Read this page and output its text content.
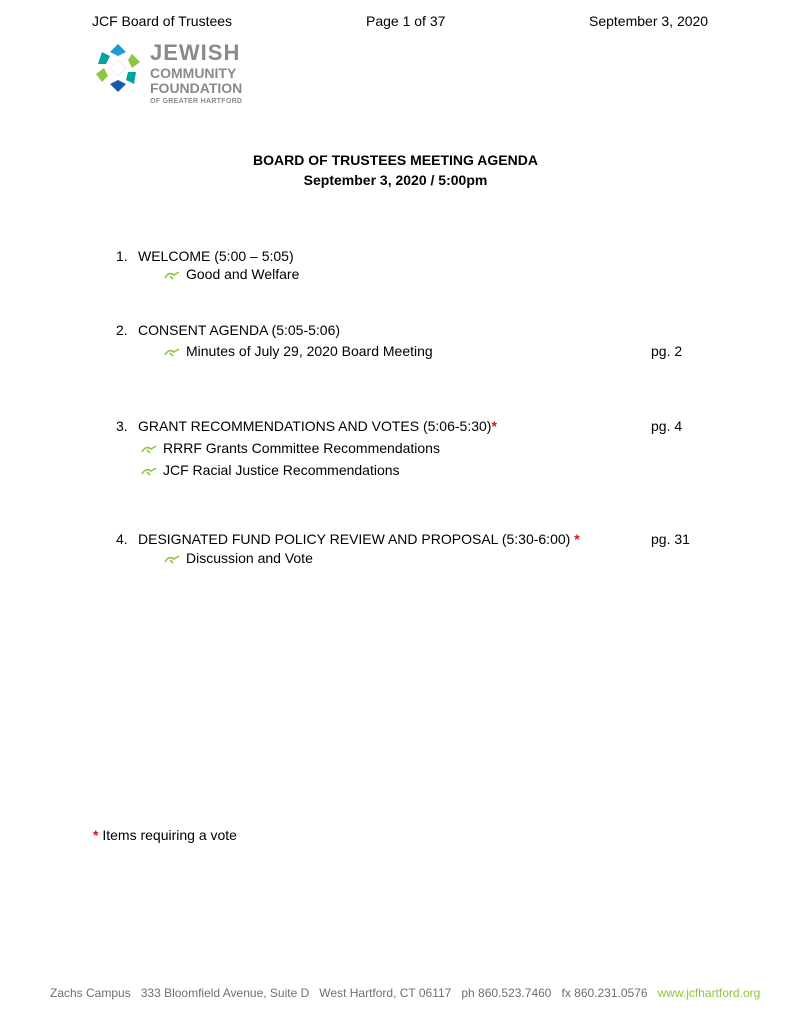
JCF Board of Trustees	Page 1 of 37	September 3, 2020
JEWISH
COMMUNITY
FOUNDATION
OF GREATER HARTFORD
BOARD OF TRUSTEES MEETING AGENDA
September 3, 2020 / 5:00pm
1. WELCOME (5:00 – 5:05)
Good and Welfare
2. CONSENT AGENDA (5:05-5:06)
Minutes of July 29, 2020 Board Meeting	pg. 2
3. GRANT RECOMMENDATIONS AND VOTES (5:06-5:30)*	pg. 4
RRRF Grants Committee Recommendations
JCF Racial Justice Recommendations
4. DESIGNATED FUND POLICY REVIEW AND PROPOSAL (5:30-6:00) *	pg. 31
Discussion and Vote
* Items requiring a vote
Zachs Campus 333 Bloomfield Avenue, Suite D West Hartford, CT 06117 ph 860.523.7460 fx 860.231.0576 www.jcfhartford.org
